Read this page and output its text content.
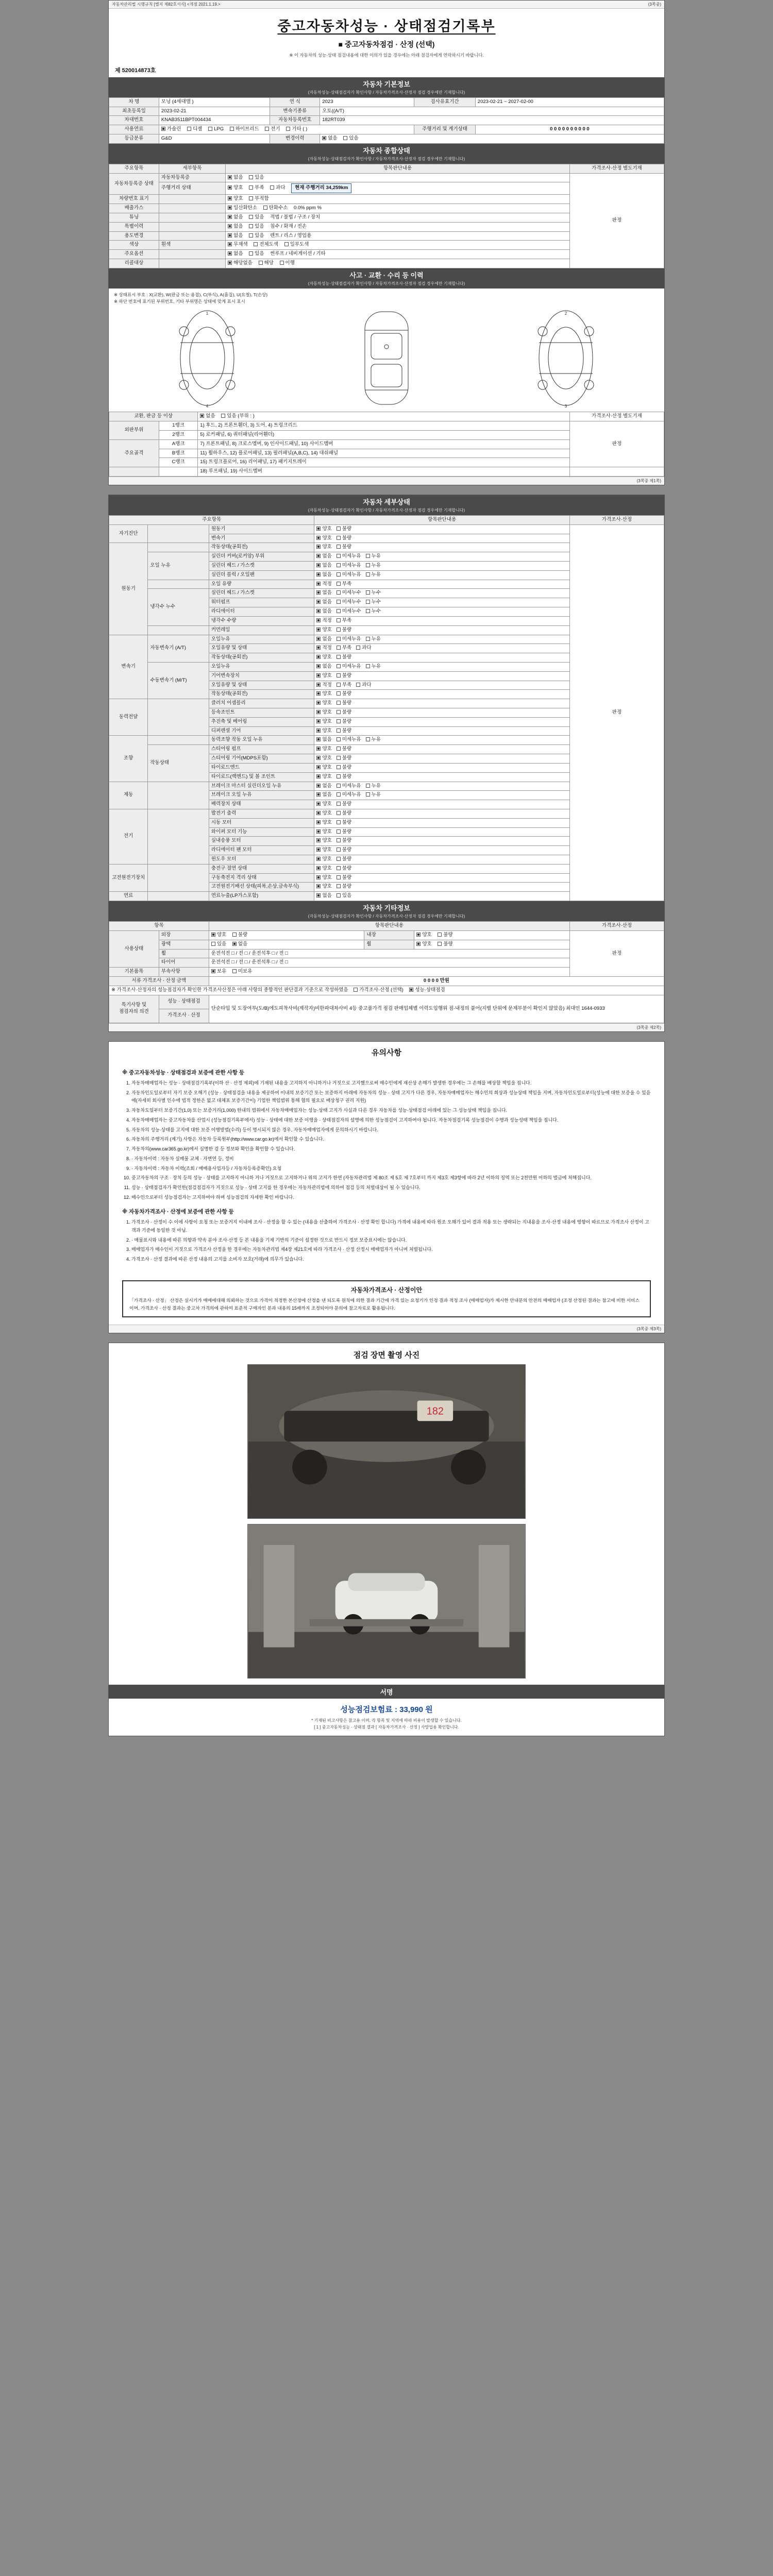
자동차관리법 시행규칙 [별지 제82호서식] <개정 2021.1.19.>	(3쪽중)
중고자동차성능 · 상태점검기록부
■ 중고자동차점검 · 산정 (선택)
※ 이 자동차의 성능·상태 점검내용에 대한 이의가 있을 경우에는 아래 점검자에게 연락하시기 바랍니다.
제 520014873호
자동차 기본정보
(자동차성능·상태점검자가 확인사항 / 자동차가격조사·산정자 점검 경우에만 기재합니다)
차 명	모닝 (4세대앨 )	연 식	2023	검사유효기간	2023-02-21 ~ 2027-02-00
최초등록일	2023-02-21	변속기종류	오토((A/T)		
차대번호	KNAB3511BPT004434	자동차등록번호	182RT039		
사용연료	가솔린 디젤 LPG 하이브리드 전기 기타 ( )			주행거리 및 계기상태	0 0 0 0 0 0 0 0 0 0
등급분류	G&D	변경이력	없음 있음		
자동차 종합상태
(자동차성능·상태점검자가 확인사항 / 자동차가격조사·산정자 점검 경우에만 기재합니다)
주요항목	세부항목	항목판단내용	가격조사·산정 별도기재
자동차등록증 상태	자동차등록증	없음 있음	판정
	주행거리 상태	양호 부족 과다 현재 주행거리 34,259km	
차량번호 표기		양호 부적합	
배출가스		일산화탄소 탄화수소 0.0% ppm %	
튜닝		없음 있음 적법 / 불법 / 구조 / 장치	
특별이력		없음 있음 침수 / 화재 / 전손	
용도변경		없음 있음 렌트 / 리스 / 영업용	
색상	흰색	무채색 전체도색 일부도색	
주요옵션		없음 있음 썬루프 / 네비게이션 / 기타	
리콜대상		해당없음 해당 이행	
사고 · 교환 · 수리 등 이력
(자동차성능·상태점검자가 확인사항 / 자동차가격조사·산정자 점검 경우에만 기재합니다)
※ 상태표시 부호 : X(교환), W(판금 또는 용접), C(부식), A(흠집), U(요철), T(손상)
※ 하단 번호에 표기된 부위번호, 기타 부위명은 상태에 맞게 표시 표시
1
4
2
3
교환, 판금 등 이상		없음 있음 (부위 : )	가격조사·산정 별도기재
외판부위	1랭크	1) 후드, 2) 프론트휀더, 3) 도어, 4) 트렁크리드	판정
	2랭크	5) 로커패널, 6) 쿼터패널(리어휀더)	
주요골격	A랭크	7) 프론트패널, 8) 크로스멤버, 9) 인사이드패널, 10) 사이드멤버	
	B랭크	11) 휠하우스, 12) 플로어패널, 13) 필러패널(A,B,C), 14) 대쉬패널	
	C랭크	15) 트렁크플로어, 16) 리어패널, 17) 패키지트레이	
		18) 루프패널, 19) 사이드멤버	
(3쪽중 제1쪽)
자동차 세부상태
(자동차성능·상태점검자가 확인사항 / 자동차가격조사·산정자 점검 경우에만 기재합니다)
주요항목			항목판단내용	가격조사·산정
자기진단		원동기	양호 불량	판정
		변속기	양호 불량	
원동기		작동상태(공회전)	양호 불량	
	오일 누유	실린더 커버(로커암) 부위	없음 미세누유 누유	
		실린더 헤드 / 가스켓	없음 미세누유 누유	
		실린더 블럭 / 오일팬	없음 미세누유 누유	
		오일 유량	적정 부족	
	냉각수 누수	실린더 헤드 / 가스켓	없음 미세누수 누수	
		워터펌프	없음 미세누수 누수	
		라디에이터	없음 미세누수 누수	
		냉각수 수량	적정 부족	
		커먼레일	양호 불량	
변속기	자동변속기 (A/T)	오일누유	없음 미세누유 누유	
		오일유량 및 상태	적정 부족 과다	
		작동상태(공회전)	양호 불량	
	수동변속기 (M/T)	오일누유	없음 미세누유 누유	
		기어변속장치	양호 불량	
		오일유량 및 상태	적정 부족 과다	
		작동상태(공회전)	양호 불량	
동력전달		클러치 어셈블리	양호 불량	
		등속조인트	양호 불량	
		추진축 및 베어링	양호 불량	
		디퍼렌셜 기어	양호 불량	
조향		동력조향 작동 오일 누유	없음 미세누유 누유	
	작동상태	스티어링 펌프	양호 불량	
		스티어링 기어(MDPS포함)	양호 불량	
		타이로드엔드	양호 불량	
		타이로드(랙엔드) 및 볼 조인트	양호 불량	
제동		브레이크 마스터 실린더오일 누유	없음 미세누유 누유	
		브레이크 오일 누유	없음 미세누유 누유	
		배력장치 상태	양호 불량	
전기		발전기 출력	양호 불량	
		시동 모터	양호 불량	
		와이퍼 모터 기능	양호 불량	
		실내송풍 모터	양호 불량	
		라디에이터 팬 모터	양호 불량	
		윈도우 모터	양호 불량	
고전원전기장치		충전구 절연 상태	양호 불량	
		구동축전지 격리 상태	양호 불량	
		고전원전기배선 상태(피복,손상,금속부식)	양호 불량	
연료		연료누출(LP가스포함)	없음 있음	
자동차 기타정보
(자동차성능·상태점검자가 확인사항 / 자동차가격조사·산정자 점검 경우에만 기재합니다)
항목		항목판단내용			가격조사·산정
사용상태	외장	양호 불량	내장	양호 불량	판정
	광택	있음 없음	휠	양호 불량	
	휠	운전석전 □ / 전 □ / 운전석후 □ / 전 □			
	타이어	운전석전 □ / 전 □ / 운전석후 □ / 전 □			
기본품목	부속사항	보유 미보유			
서류 가격조사 · 산정 금액		0 0 0 0 만원			
※ 가격조사·산정자의 성능점검자가 확인한 가격조사산정은 아래 사항의 종합적인 판단결과 기준으로 작성하였음 가격조사·산정 (선택) 성능·상태점검					
특기사항 및
점검자의 의견	성능 · 상태점검	단순타입 및 도장여부(도/B)에도피착사비(제작자)비한파대차사비 4등 중고품가격 점검 판매업체별 이력도입행위 점·내정의 붙어(지별 단위에 문제부분이 확인지 않았음) 최대인 1644-0933			
	가격조사 · 산정				
(3쪽중 제2쪽)
유의사항
※ 중고자동차성능 · 상태점검과 보증에 관한 사항 등
1. 자동차매매업자는 성능 · 상태점검기록부(이하 산 · 산정 제외)에 기재된 내용을 고지하지 아니하거나 거짓으로 고지했으로써 매수인에게 재산상 손해가 발생한 경우에는 그 손해를 배상할 책임을 집니다.
2. 자동차인도일로부터 자기 보증 오해기 (성능 · 상태점검을 내용을 제공하여 이내의 보증기간 또는 보증하지 아래에 자동차의 성능 · 상태 고지가 다른 경우, 자동차매매업자는 해수인의 희상과 성능상태 책임을 지며, 자동차인도일로부터(성능에 대한 보증을 수 있음에(자세히 회사별 인수에 법적 정한은 없고 대체표 보증기간이) 기업한 책임범위 통해 협의 필요로 배상청구 권리 지원)
3. 자동차도일부터 보증기간(1,0) 또는 보증거리(1,000) 한내의 범위에서 자동차매매업자는 성능·상태 고지가 사실과 다른 경우 자동차를 성능·상태점검 아래에 있는 그 성능상태 책임을 집니다.
4. 자동차매매업자는 중고자동차를 산업시 (성능점검기록부에서) 성능 · 상태에 대한 보증 이행을 · 상태점검자의 설명에 의한 성능점검이 고지하여야 됩니다. 자동차점검기록 성능점검이 수행과 성능성태 책임을 집니다.
5. 자동차의 성능·상태를 고지에 대한 보증 이행방법(수리) 등이 명시되지 않은 경우, 자동차매매업자에게 문의하시기 바랍니다.
6. 자동차의 주행거리 (계기) 사항은 자동차 등록원부(http://www.car.go.kr)에서 확인할 수 있습니다.
7. 자동차의(www.car365.go.kr)에서 실명한 검 등 정보와 확인을 확인할 수 있습니다.
8. · 자동차이력 : 자동차 실매물 교체 · 자변연 등, 정비
9. · 자동차이력 : 자동차 이력(조회 / 매매용사업자등 / 자동차등록증확인) 요청
10. 중고자동차의 구조 · 장치 등의 성능 · 상태를 고지하지 아니하 거나 거짓으로 고지하거나 위의 고지가 한면 (자동차관리법 제 80조 제 5호 제 7호부터 까지 제3호 제3항에 따라 2년 이하의 징역 또는 2천만원 이하의 벌금에 처해집니다.
11. 성능 · 상태점검자가 확인한(점검점검자가 거짓으로 성능 · 상태 고지를 한 경우에는 자동차관리법에 의하여 점검 등의 처벌대상이 될 수 있습니다.
12. 매수인으로부터 성능점검자는 고지하여야 하며 성능점검의 자세한 확인 바랍니다.
※ 자동차가격조사 · 산정에 보증에 관한 사항 등
1. 가격조사 · 산정이 수 이에 사항이 요청 또는 보증거지 이내에 조사 · 산정을 할 수 있는 (내용을 산출하여 가격조사 · 산정 확인 합니다) 가격에 내용에 따라 원조 오해가 있어 결과 적용 또는 생략되는 지내용을 조사·산정 내용에 영향이 따르므로 가격조사 산정이 고객과 기준에 동일한 것 아님.
2. · 매물표시와 내용에 따른 의향과 약속 분야 조사·산정 등 본 내용을 기재 기반의 기준이 설정한 것으로 반드시 정보 보증표시에는 않습니다.
3. 매매업자가 매수인이 거짓으로 가격조사 산정을 한 경우에는 자동차관리법 제4장 제21호에 따라 가격조사 · 산정 산정시 매매업자가 아니며 처벌됩니다.
4. 가격조사 · 산정 결과에 따른 산정 내용의 고지를 소비자 보호(거래)에 의무가 있습니다.
자동차가격조사 · 산정이안
「가격조사 · 산정」 산정은 실시기가 매매에대해 의뢰하는 것으로 가격이 적정한 본산정에 산정을 낸 되도록 원칙에 의한 결과 기간에 가격 있는 요청기가 인정 결과 적정 조사 (매매업자)가 제시한 안내문의 안전의 매매업자 (조정 산정된 결과는 참고에 비한 서비스이며, 가격조사 · 산정 결과는 중고차 가격의에 관하여 표준적 구매자인 분과 내용의 15배까지 조정되어야 문의에 참고자료로 활용됩니다.
(3쪽중 제3쪽)
점검 장면 촬영 사진
182
서명
성능점검보험료 : 33,990 원
* 기재된 비고사항은 참고용 이며, 각 항목 및 지역에 따라 비용이 발생할 수 있습니다.
[ 1 ] 중고자동차성능 · 상태점 결과 [ 자동차가격조사 · 산정 ] 사망업용 확인합니다.
